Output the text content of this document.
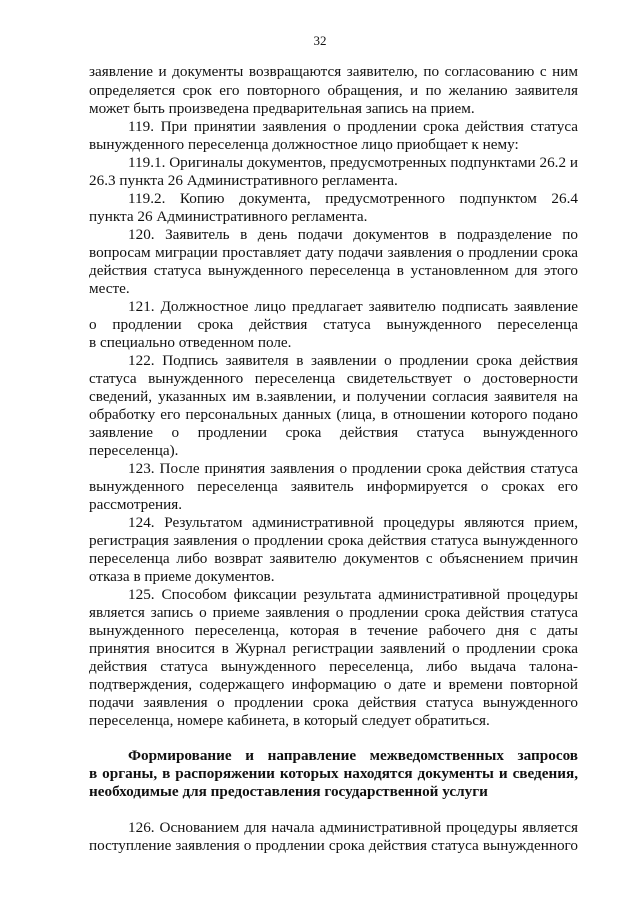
32
заявление и документы возвращаются заявителю, по согласованию с ним
определяется срок его повторного обращения, и по желанию заявителя
может быть произведена предварительная запись на прием.
119. При принятии заявления о продлении срока действия статуса
вынужденного переселенца должностное лицо приобщает к нему:
119.1. Оригиналы документов, предусмотренных подпунктами 26.2 и
26.3 пункта 26 Административного регламента.
119.2. Копию документа, предусмотренного подпунктом 26.4
пункта 26 Административного регламента.
120. Заявитель в день подачи документов в подразделение по
вопросам миграции проставляет дату подачи заявления о продлении срока
действия статуса вынужденного переселенца в установленном для этого
месте.
121. Должностное лицо предлагает заявителю подписать заявление
о продлении срока действия статуса вынужденного переселенца
в специально отведенном поле.
122. Подпись заявителя в заявлении о продлении срока действия
статуса вынужденного переселенца свидетельствует о достоверности
сведений, указанных им в.заявлении, и получении согласия заявителя на
обработку его персональных данных (лица, в отношении которого подано
заявление о продлении срока действия статуса вынужденного
переселенца).
123. После принятия заявления о продлении срока действия статуса
вынужденного переселенца заявитель информируется о сроках его
рассмотрения.
124. Результатом административной процедуры являются прием,
регистрация заявления о продлении срока действия статуса вынужденного
переселенца либо возврат заявителю документов с объяснением причин
отказа в приеме документов.
125. Способом фиксации результата административной процедуры
является запись о приеме заявления о продлении срока действия статуса
вынужденного переселенца, которая в течение рабочего дня с даты
принятия вносится в Журнал регистрации заявлений о продлении срока
действия статуса вынужденного переселенца, либо выдача талона-
подтверждения, содержащего информацию о дате и времени повторной
подачи заявления о продлении срока действия статуса вынужденного
переселенца, номере кабинета, в который следует обратиться.
Формирование и направление межведомственных запросов
в органы, в распоряжении которых находятся документы и сведения,
необходимые для предоставления государственной услуги
126. Основанием для начала административной процедуры является
поступление заявления о продлении срока действия статуса вынужденного
